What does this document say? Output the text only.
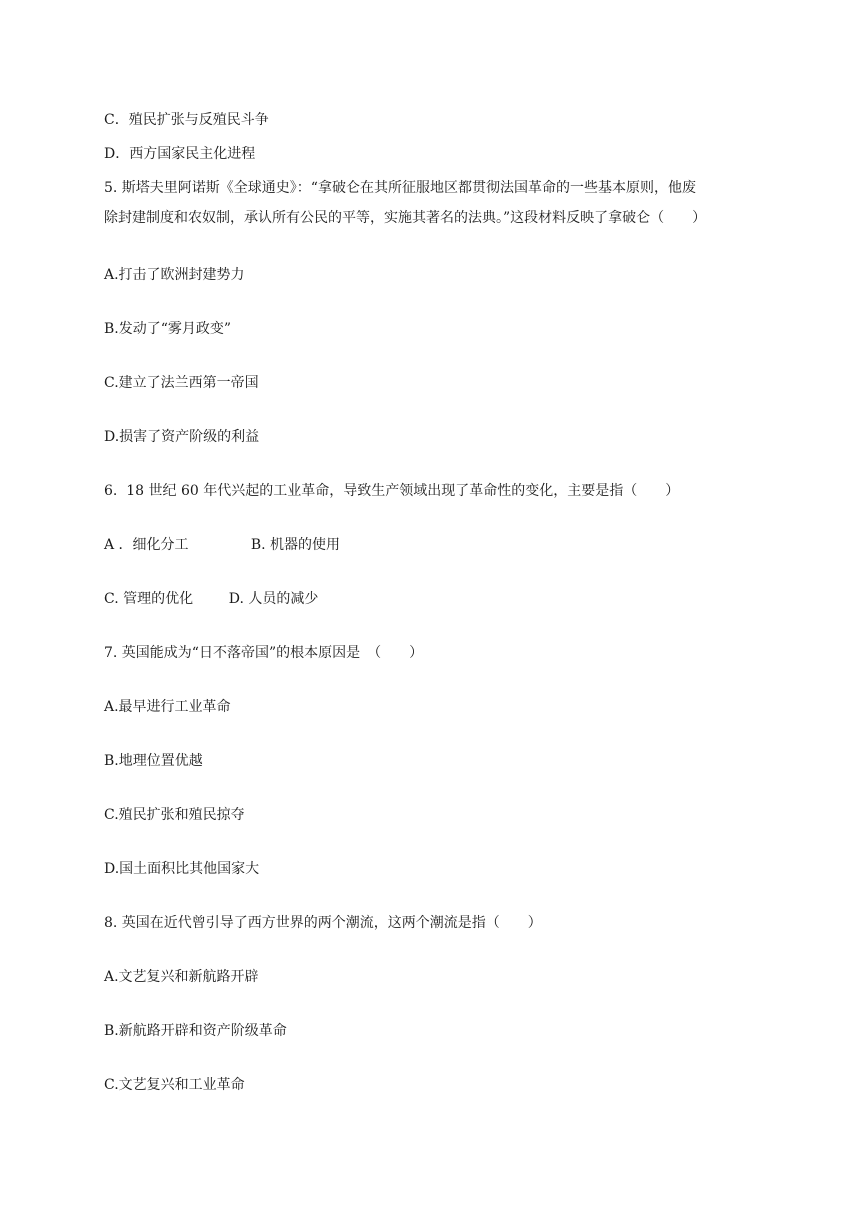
C．殖民扩张与反殖民斗争
D．西方国家民主化进程
5. 斯塔夫里阿诺斯《全球通史》：“拿破仑在其所征服地区都贯彻法国革命的一些基本原则，他废
除封建制度和农奴制，承认所有公民的平等，实施其著名的法典。”这段材料反映了拿破仑（　　）
A.打击了欧洲封建势力
B.发动了“雾月政变”
C.建立了法兰西第一帝国
D.损害了资产阶级的利益
6.  18 世纪 60 年代兴起的工业革命，导致生产领域出现了革命性的变化，主要是指（　　）
A ．细化分工              B. 机器的使用
C. 管理的优化        D. 人员的减少
7. 英国能成为“日不落帝国”的根本原因是　（　　）
A.最早进行工业革命
B.地理位置优越
C.殖民扩张和殖民掠夺
D.国土面积比其他国家大
8. 英国在近代曾引导了西方世界的两个潮流，这两个潮流是指（　　）
A.文艺复兴和新航路开辟
B.新航路开辟和资产阶级革命
C.文艺复兴和工业革命
